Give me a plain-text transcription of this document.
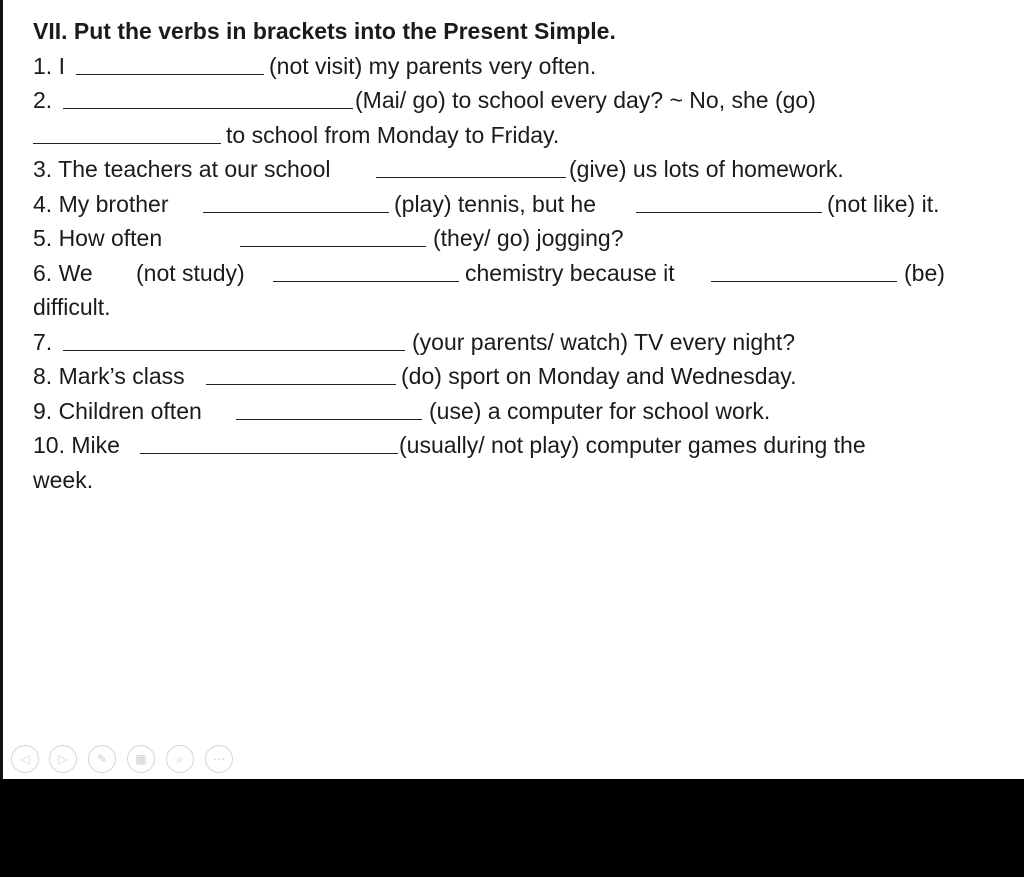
VII. Put the verbs in brackets into the Present Simple.
1. I	(not visit) my parents very often.
2.	(Mai/ go) to school every day? ~ No, she (go)
to school from Monday to Friday.
3. The teachers at our school	(give) us lots of homework.
4. My brother	(play) tennis, but he	(not like) it.
5. How often	(they/ go) jogging?
6. We (not study)	chemistry because it	(be)
difficult.
7.	(your parents/ watch) TV every night?
8. Mark’s class	(do) sport on Monday and Wednesday.
9. Children often	(use) a computer for school work.
10. Mike	(usually/ not play) computer games during the
week.
◁	▷	✎	▦	⌕	⋯
